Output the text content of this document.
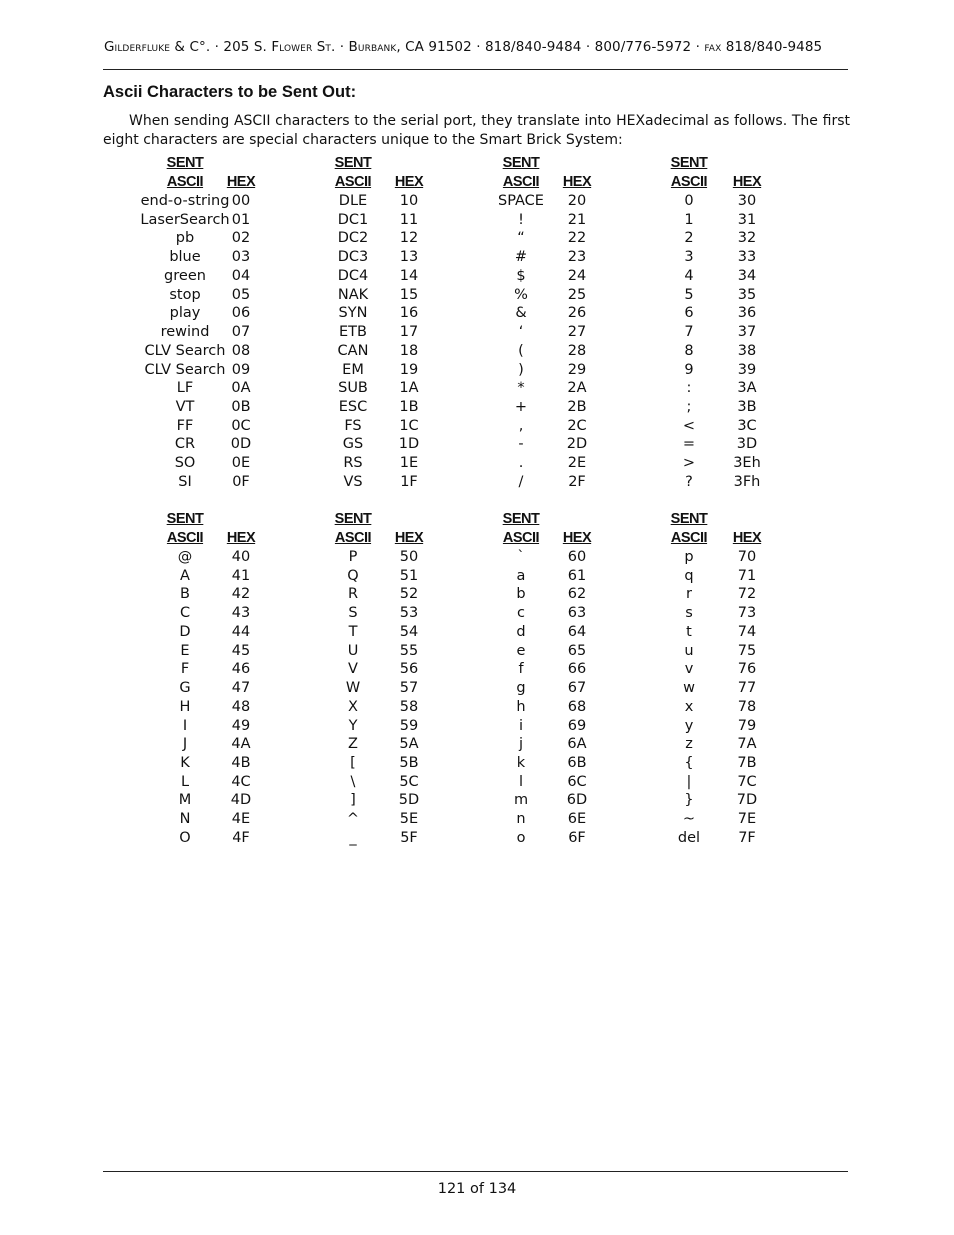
Gilderfluke & C°. · 205 S. Flower St. · Burbank, CA 91502 · 818/840-9484 · 800/776-5972 · fax 818/840-9485
Ascii Characters to be Sent Out:
When sending ASCII characters to the serial port, they translate into HEXadecimal as follows. The first eight characters are special characters unique to the Smart Brick System:
SENT
ASCII	HEX
end-o-string 00
LaserSearch 01
pb	02
blue	03
green	04
stop	05
play	06
rewind	07
CLV Search 08
CLV Search 09
LF	0A
VT	0B
FF	0C
CR	0D
SO	0E
SI	0F
SENT
ASCII	HEX
DLE	10
DC1	11
DC2	12
DC3	13
DC4	14
NAK	15
SYN	16
ETB	17
CAN	18
EM	19
SUB	1A
ESC	1B
FS	1C
GS	1D
RS	1E
VS	1F
SENT
ASCII	HEX
SPACE	20
!	21
“	22
#	23
$	24
%	25
&	26
‘	27
(	28
)	29
*	2A
+	2B
,	2C
-	2D
.	2E
/	2F
SENT
ASCII	HEX
0	30
1	31
2	32
3	33
4	34
5	35
6	36
7	37
8	38
9	39
:	3A
;	3B
<	3C
=	3D
>	3Eh
?	3Fh
SENT
ASCII	HEX
@	40
A	41
B	42
C	43
D	44
E	45
F	46
G	47
H	48
I	49
J	4A
K	4B
L	4C
M	4D
N	4E
O	4F
SENT
ASCII	HEX
P	50
Q	51
R	52
S	53
T	54
U	55
V	56
W	57
X	58
Y	59
Z	5A
[	5B
\	5C
]	5D
^	5E
_	5F
SENT
ASCII	HEX
`	60
a	61
b	62
c	63
d	64
e	65
f	66
g	67
h	68
i	69
j	6A
k	6B
l	6C
m	6D
n	6E
o	6F
SENT
ASCII	HEX
p	70
q	71
r	72
s	73
t	74
u	75
v	76
w	77
x	78
y	79
z	7A
{	7B
|	7C
}	7D
~	7E
del	7F
121 of 134
